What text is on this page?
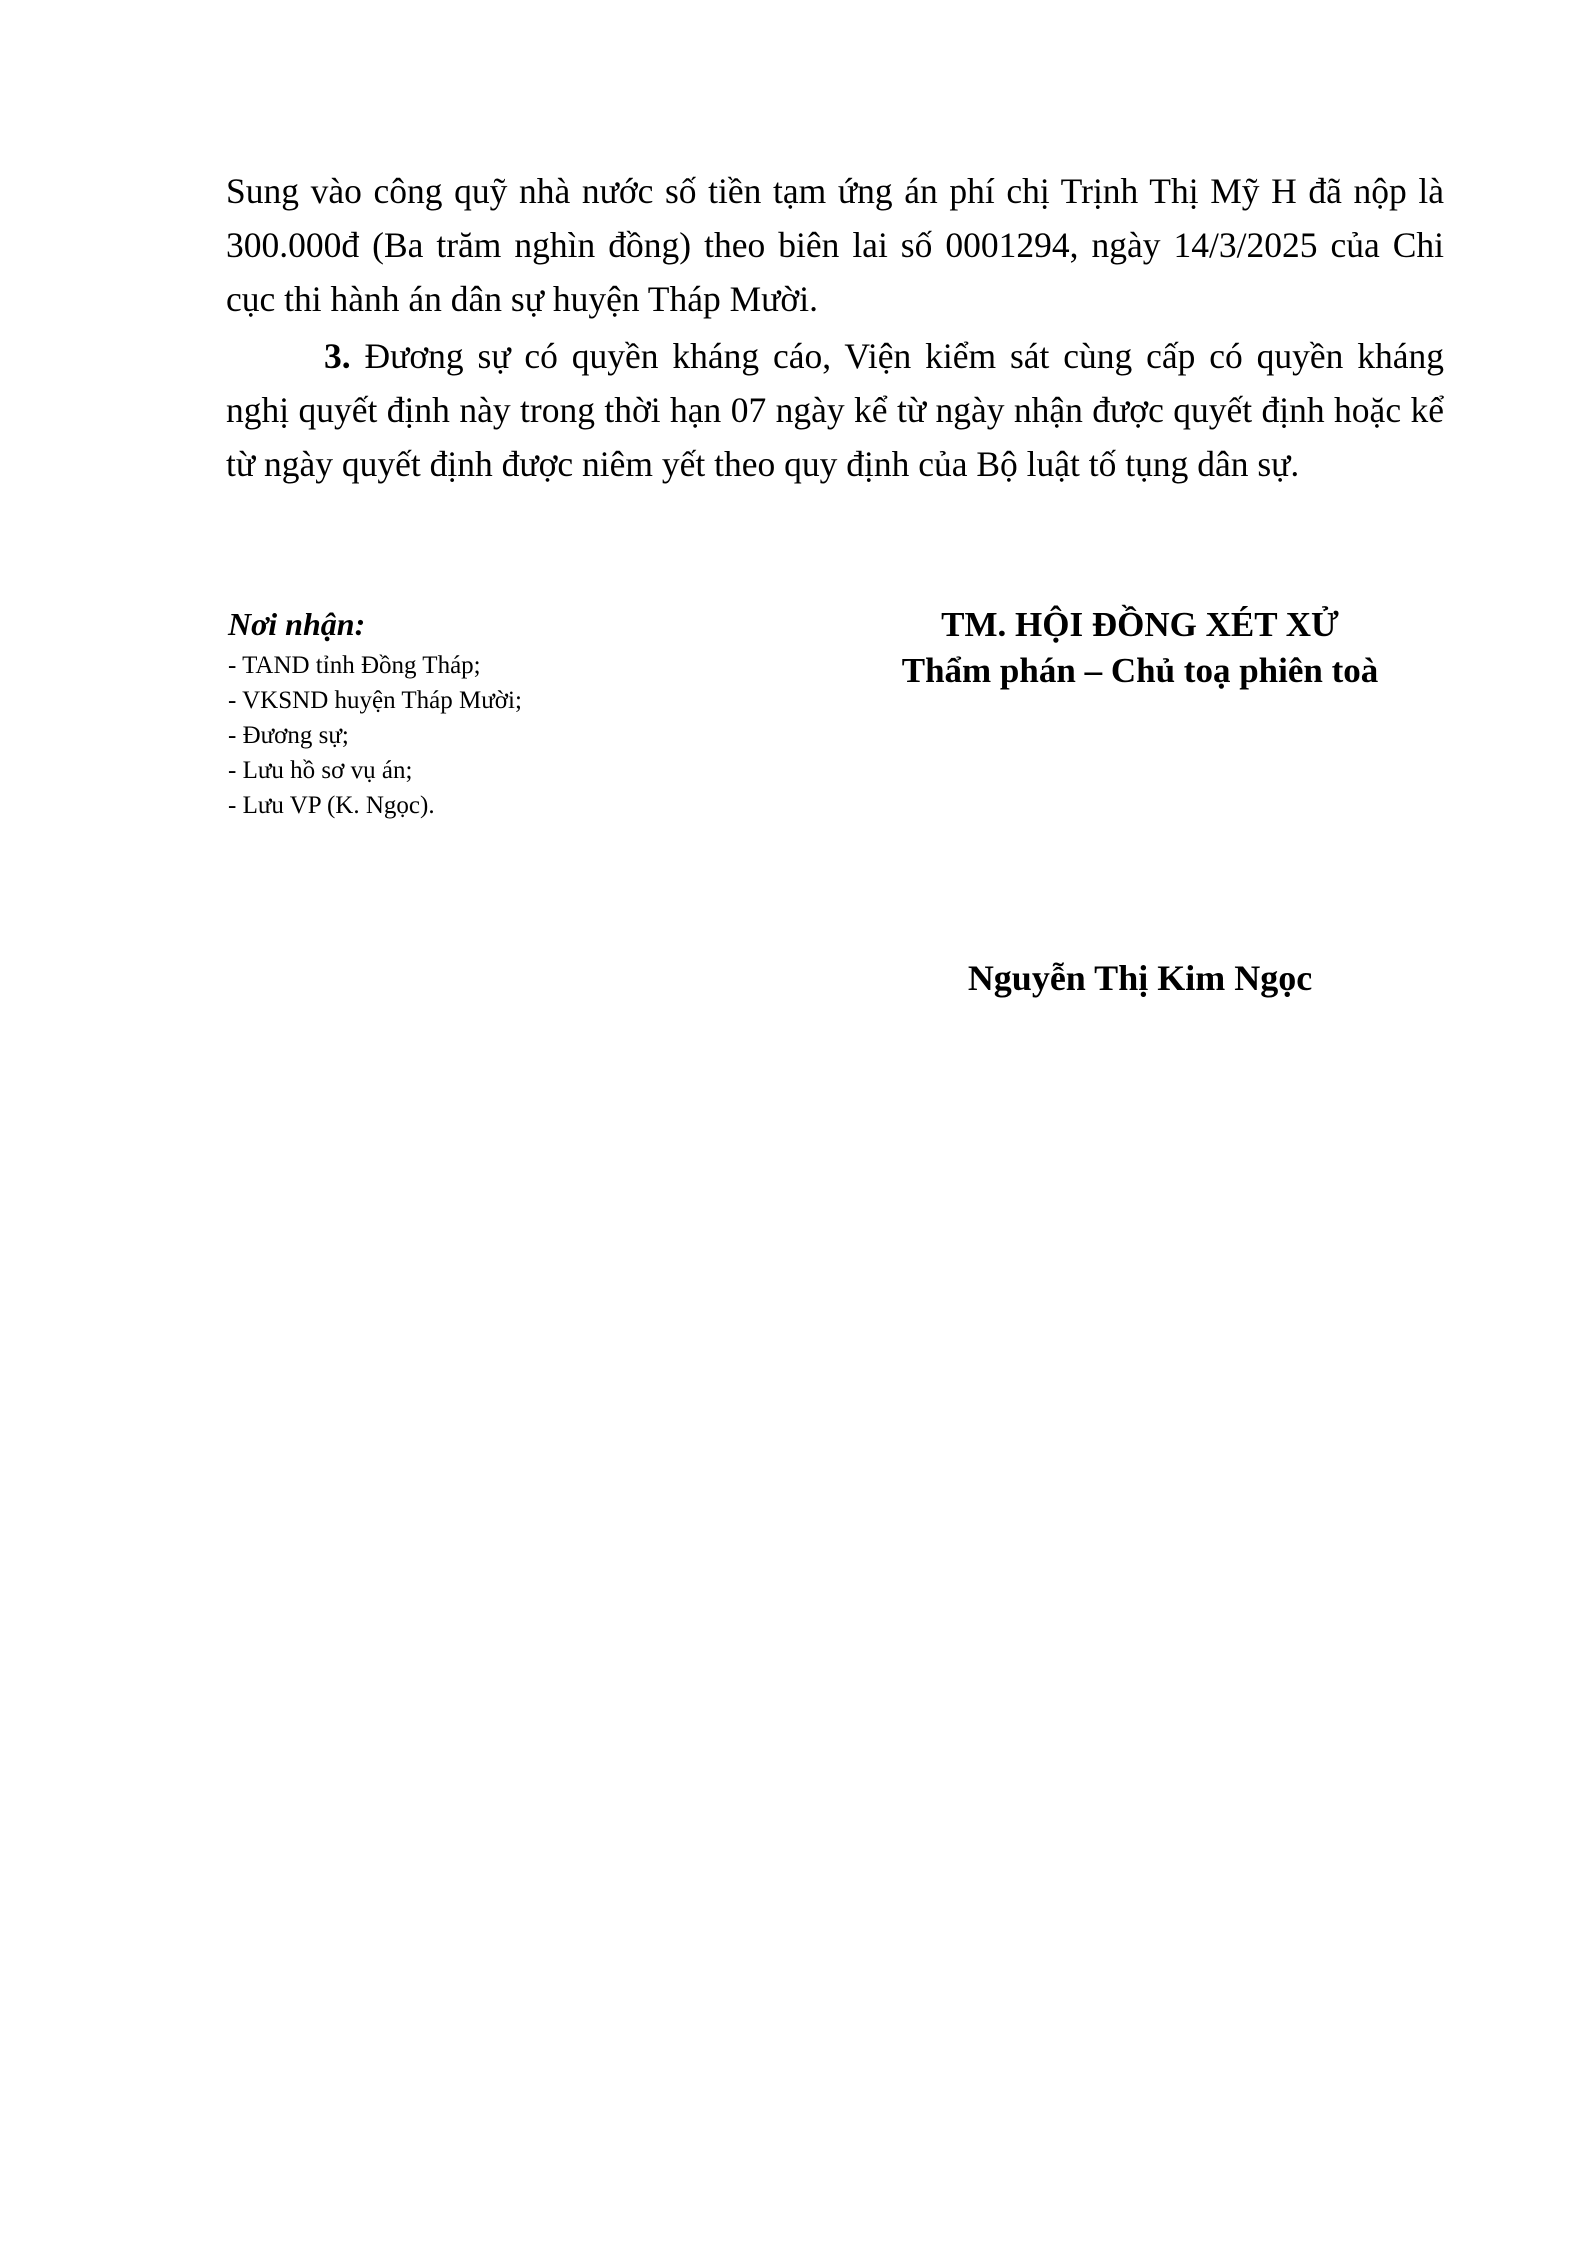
Sung vào công quỹ nhà nước số tiền tạm ứng án phí chị Trịnh Thị Mỹ H đã nộp là 300.000đ (Ba trăm nghìn đồng) theo biên lai số 0001294, ngày 14/3/2025 của Chi cục thi hành án dân sự huyện Tháp Mười.

3. Đương sự có quyền kháng cáo, Viện kiểm sát cùng cấp có quyền kháng nghị quyết định này trong thời hạn 07 ngày kể từ ngày nhận được quyết định hoặc kể từ ngày quyết định được niêm yết theo quy định của Bộ luật tố tụng dân sự.

Nơi nhận:

- TAND tỉnh Đồng Tháp;
- VKSND huyện Tháp Mười;
- Đương sự;
- Lưu hồ sơ vụ án;
- Lưu VP (K. Ngọc).
TM. HỘI ĐỒNG XÉT XỬ
Thẩm phán – Chủ toạ phiên toà
Nguyễn Thị Kim Ngọc
